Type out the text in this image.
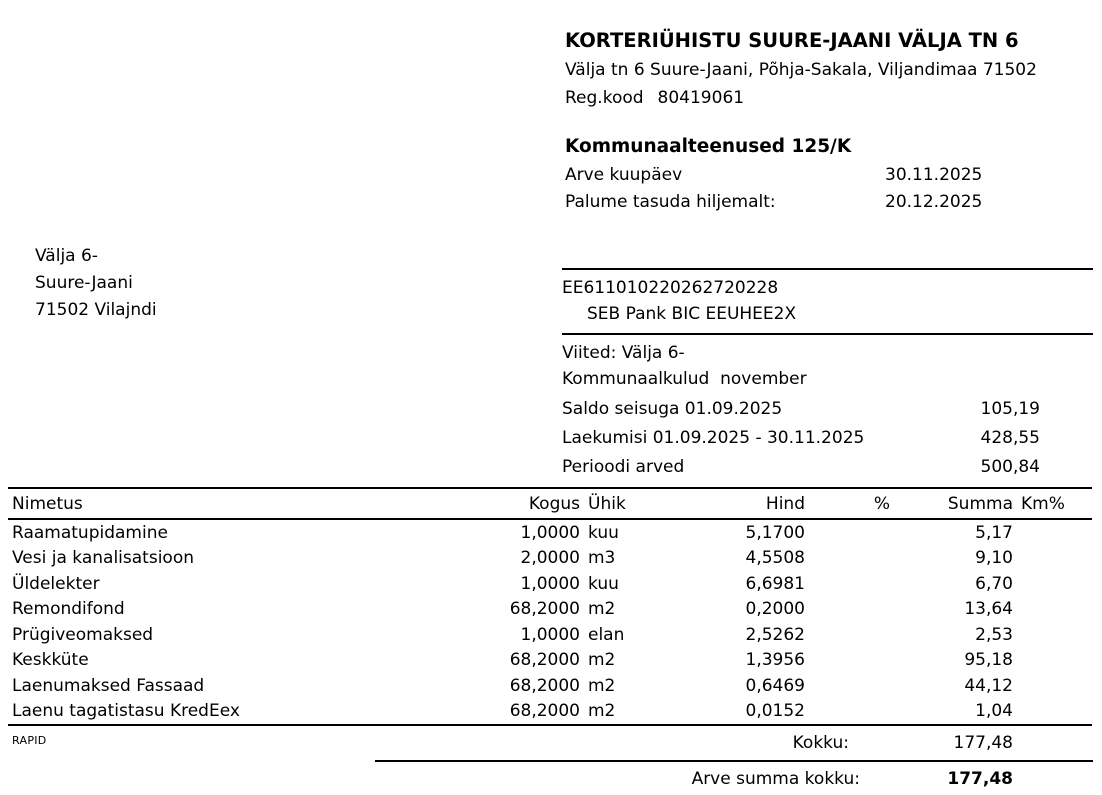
KORTERIÜHISTU SUURE-JAANI VÄLJA TN 6
Välja tn 6 Suure-Jaani, Põhja-Sakala, Viljandimaa 71502
Reg.kood 80419061
Kommunaalteenused 125/K
Arve kuupäev	30.11.2025
Palume tasuda hiljemalt:	20.12.2025
Välja 6-
Suure-Jaani
71502 Vilajndi
EE611010220262720228
SEB Pank BIC EEUHEE2X
Viited: Välja 6-
Kommunaalkulud  november
Saldo seisuga 01.09.2025	105,19
Laekumisi 01.09.2025 - 30.11.2025	428,55
Perioodi arved	500,84
Nimetus	Kogus Ühik	Hind	%	Summa Km%
Raamatupidamine	1,0000 kuu	5,1700	5,17
Vesi ja kanalisatsioon	2,0000 m3	4,5508	9,10
Üldelekter	1,0000 kuu	6,6981	6,70
Remondifond	68,2000 m2	0,2000	13,64
Prügiveomaksed	1,0000 elan	2,5262	2,53
Keskküte	68,2000 m2	1,3956	95,18
Laenumaksed Fassaad	68,2000 m2	0,6469	44,12
Laenu tagatistasu KredEex	68,2000 m2	0,0152	1,04
RAPID	Kokku:	177,48
Arve summa kokku:	177,48
